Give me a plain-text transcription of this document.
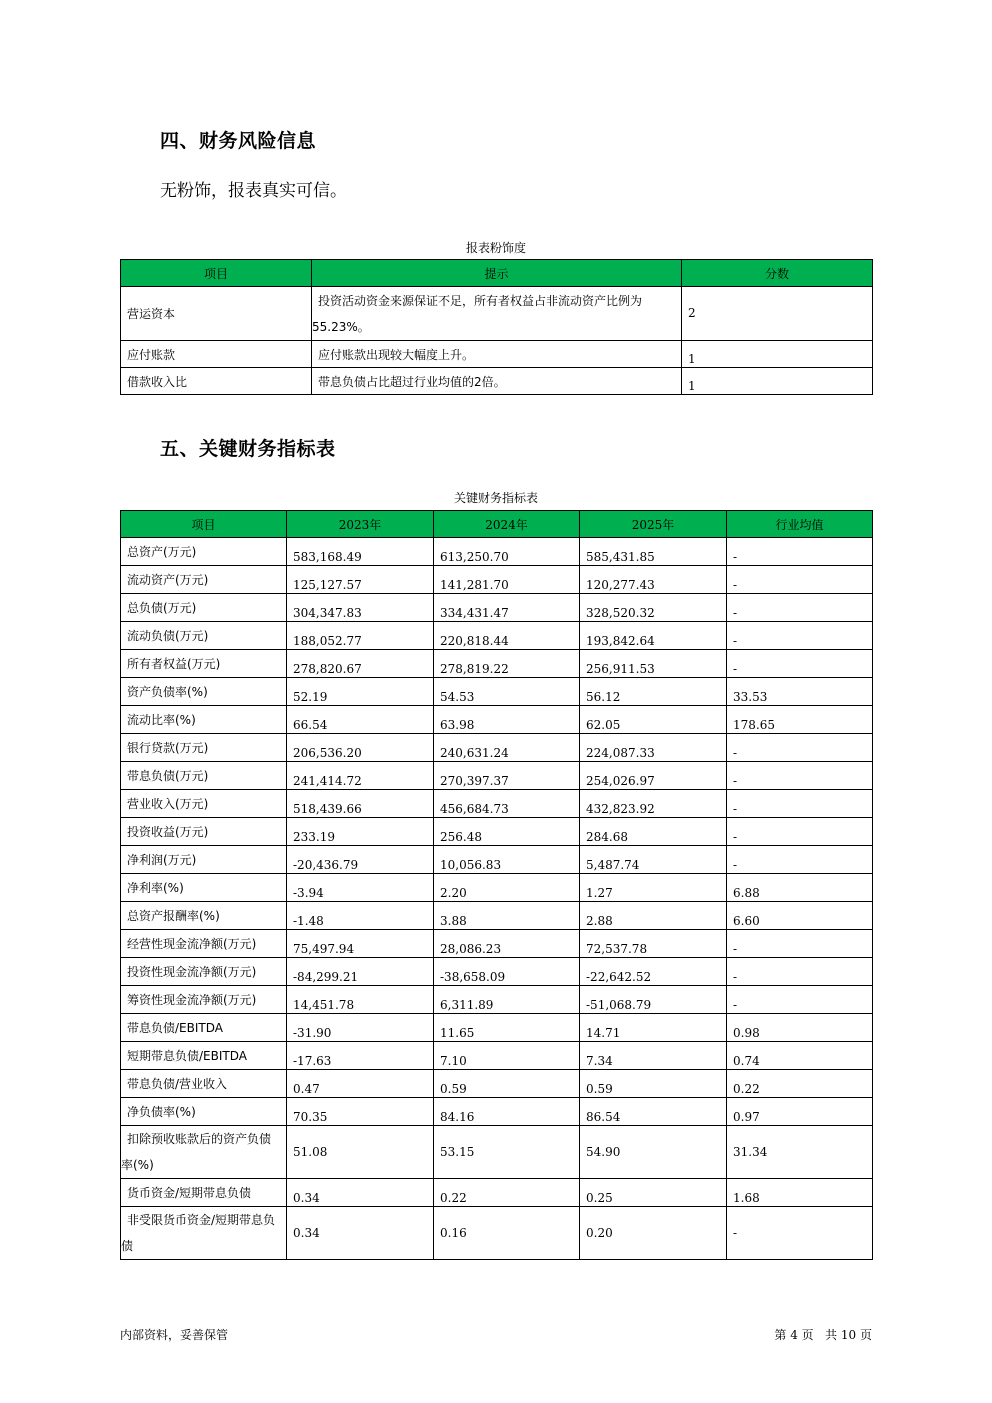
四、财务风险信息
无粉饰，报表真实可信。
报表粉饰度
项目	提示	分数
营运资本	投资活动资金来源保证不足，所有者权益占非流动资产比例为55.23%。	2
应付账款	应付账款出现较大幅度上升。	1
借款收入比	带息负债占比超过行业均值的2倍。	1
五、关键财务指标表
关键财务指标表
项目	2023年	2024年	2025年	行业均值
总资产(万元)	583,168.49	613,250.70	585,431.85	-
流动资产(万元)	125,127.57	141,281.70	120,277.43	-
总负债(万元)	304,347.83	334,431.47	328,520.32	-
流动负债(万元)	188,052.77	220,818.44	193,842.64	-
所有者权益(万元)	278,820.67	278,819.22	256,911.53	-
资产负债率(%)	52.19	54.53	56.12	33.53
流动比率(%)	66.54	63.98	62.05	178.65
银行贷款(万元)	206,536.20	240,631.24	224,087.33	-
带息负债(万元)	241,414.72	270,397.37	254,026.97	-
营业收入(万元)	518,439.66	456,684.73	432,823.92	-
投资收益(万元)	233.19	256.48	284.68	-
净利润(万元)	-20,436.79	10,056.83	5,487.74	-
净利率(%)	-3.94	2.20	1.27	6.88
总资产报酬率(%)	-1.48	3.88	2.88	6.60
经营性现金流净额(万元)	75,497.94	28,086.23	72,537.78	-
投资性现金流净额(万元)	-84,299.21	-38,658.09	-22,642.52	-
筹资性现金流净额(万元)	14,451.78	6,311.89	-51,068.79	-
带息负债/EBITDA	-31.90	11.65	14.71	0.98
短期带息负债/EBITDA	-17.63	7.10	7.34	0.74
带息负债/营业收入	0.47	0.59	0.59	0.22
净负债率(%)	70.35	84.16	86.54	0.97
扣除预收账款后的资产负债率(%)	51.08	53.15	54.90	31.34
货币资金/短期带息负债	0.34	0.22	0.25	1.68
非受限货币资金/短期带息负债	0.34	0.16	0.20	-
内部资料，妥善保管	第 4 页   共 10 页
